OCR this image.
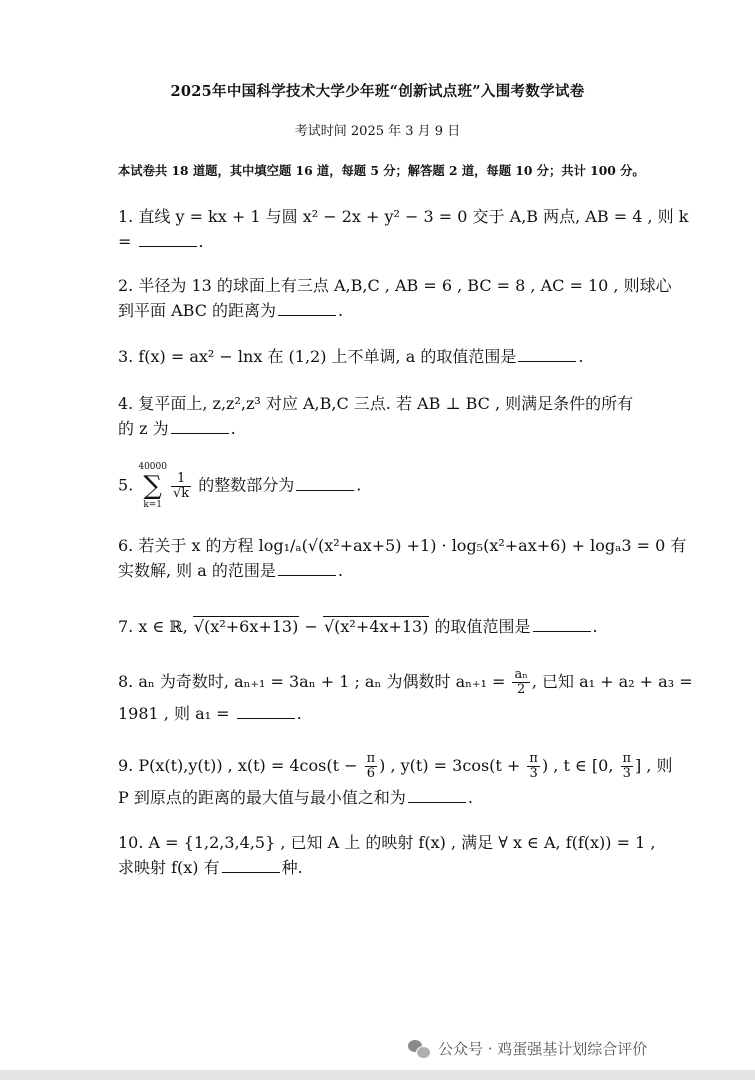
2025年中国科学技术大学少年班“创新试点班”入围考数学试卷
考试时间 2025 年 3 月 9 日
本试卷共 18 道题，其中填空题 16 道，每题 5 分；解答题 2 道，每题 10 分；共计 100 分。
1. 直线 y = kx + 1 与圆 x² − 2x + y² − 3 = 0 交于 A,B 两点, AB = 4 , 则 k
=	.
2. 半径为 13 的球面上有三点 A,B,C , AB = 6 , BC = 8 , AC = 10 , 则球心
到平面 ABC 的距离为	.
3. f(x) = ax² − lnx 在 (1,2) 上不单调, a 的取值范围是	.
4. 复平面上, z,z²,z³ 对应 A,B,C 三点. 若 AB ⊥ BC , 则满足条件的所有
的 z 为	.
5.
40000
∑
k=1
$\frac{1}{√k}$ 的整数部分为	.
6. 若关于 x 的方程 log₁/ₐ(√(x²+ax+5) +1) · log₅(x²+ax+6) + logₐ3 = 0 有
实数解, 则 a 的范围是	.
7. x ∈ ℝ, √(x²+6x+13) − √(x²+4x+13) 的取值范围是	.
8. aₙ 为奇数时, aₙ₊₁ = 3aₙ + 1 ; aₙ 为偶数时 $a_{n+1} = \frac{\text{aₙ}}{2}$ , 已知 a₁ + a₂ + a₃ =
1981 , 则 a₁ =	.
9. P(x(t),y(t)) , $x(t) = 4\cos(t - \frac{\pi}{6}$ ) , $y(t) = 3\cos(t + \frac{\pi}{3}$ ) , t ∈ [0, $\frac{\pi}{3}$ ] , 则
P 到原点的距离的最大值与最小值之和为	.
10. A = {1,2,3,4,5} , 已知 A 上 的映射 f(x) , 满足 ∀ x ∈ A, f(f(x)) = 1 ,
求映射 f(x) 有	种.
公众号 · 鸡蛋强基计划综合评价
